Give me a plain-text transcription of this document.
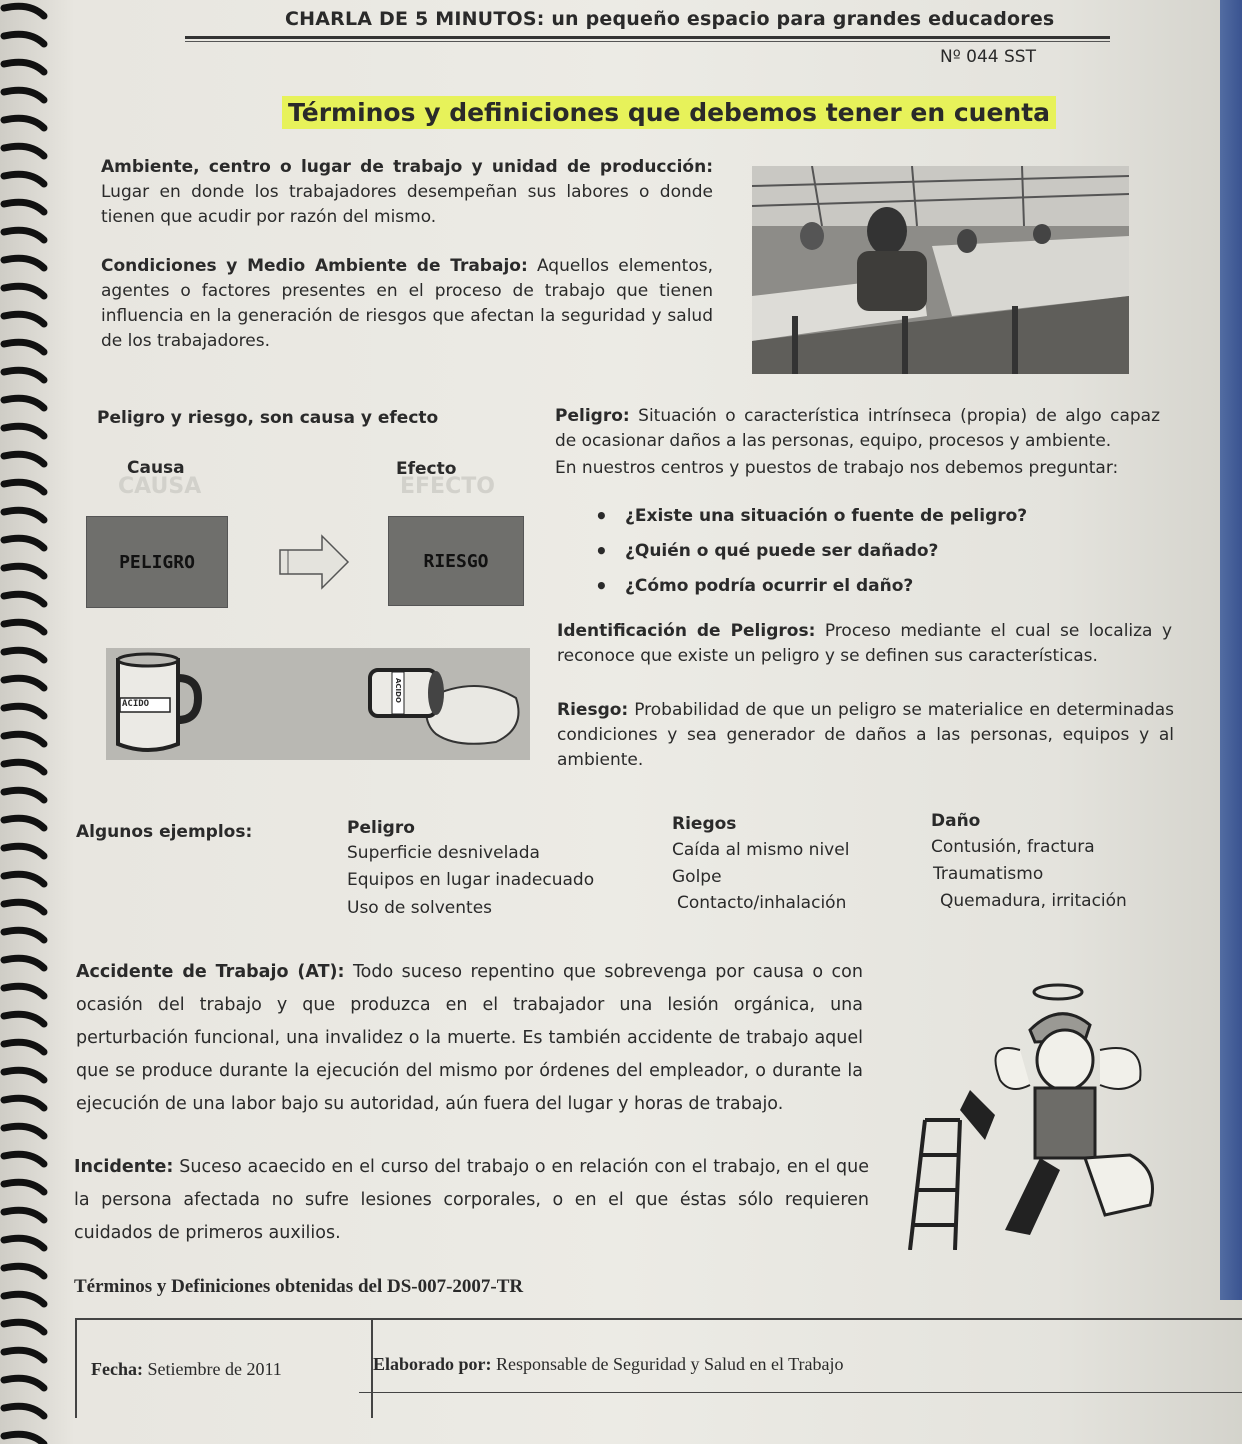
CHARLA DE 5 MINUTOS: un pequeño espacio para grandes educadores
Nº 044 SST
Términos y definiciones que debemos tener en cuenta
Ambiente, centro o lugar de trabajo y unidad de producción: Lugar en donde los trabajadores desempeñan sus labores o donde tienen que acudir por razón del mismo.
Condiciones y Medio Ambiente de Trabajo: Aquellos elementos, agentes o factores presentes en el proceso de trabajo que tienen influencia en la generación de riesgos que afectan la seguridad y salud de los trabajadores.
Peligro y riesgo, son causa y efecto
CAUSA
Causa
EFECTO
Efecto
PELIGRO	RIESGO
ACIDO
ACIDO
Peligro: Situación o característica intrínseca (propia) de algo capaz de ocasionar daños a las personas, equipo, procesos y ambiente.
En nuestros centros y puestos de trabajo nos debemos preguntar:
• ¿Existe una situación o fuente de peligro?
• ¿Quién o qué puede ser dañado?
• ¿Cómo podría ocurrir el daño?
Identificación de Peligros: Proceso mediante el cual se localiza y reconoce que existe un peligro y se definen sus características.
Riesgo: Probabilidad de que un peligro se materialice en determinadas condiciones y sea generador de daños a las personas, equipos y al ambiente.
Algunos ejemplos:	Peligro	Riegos	Daño
Superficie desnivelada	Caída al mismo nivel	Contusión, fractura
Equipos en lugar inadecuado	Golpe	Traumatismo
Uso de solventes	Contacto/inhalación	Quemadura, irritación
Accidente de Trabajo (AT): Todo suceso repentino que sobrevenga por causa o con ocasión del trabajo y que produzca en el trabajador una lesión orgánica, una perturbación funcional, una invalidez o la muerte. Es también accidente de trabajo aquel que se produce durante la ejecución del mismo por órdenes del empleador, o durante la ejecución de una labor bajo su autoridad, aún fuera del lugar y horas de trabajo.
Incidente: Suceso acaecido en el curso del trabajo o en relación con el trabajo, en el que la persona afectada no sufre lesiones corporales, o en el que éstas sólo requieren cuidados de primeros auxilios.
Términos y Definiciones obtenidas del DS-007-2007-TR
Fecha:
Setiembre de 2011	Elaborado por:
Responsable de Seguridad y Salud en el Trabajo
